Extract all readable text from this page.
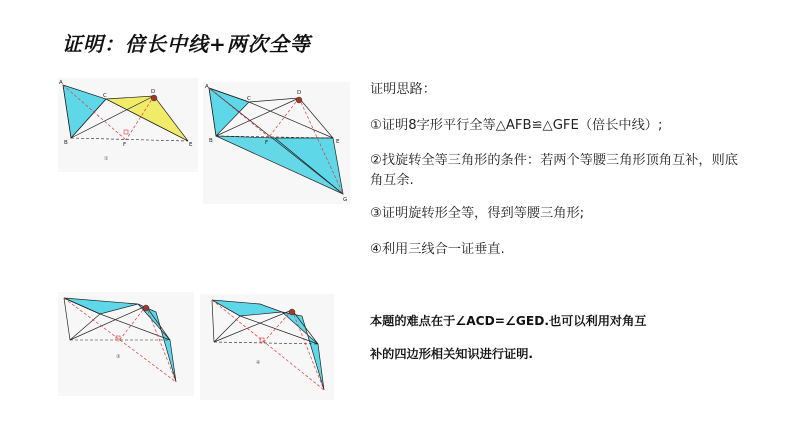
证明：倍长中线+两次全等
A
B
C
D
E
F
①
A
B
C
D
E
F
G
③
④
证明思路：
①证明8字形平行全等△AFB≌△GFE（倍长中线）;
②找旋转全等三角形的条件：若两个等腰三角形顶角互补，则底角互余.
③证明旋转形全等，得到等腰三角形;
④利用三线合一证垂直.
本题的难点在于∠ACD=∠GED.也可以利用对角互
补的四边形相关知识进行证明.
